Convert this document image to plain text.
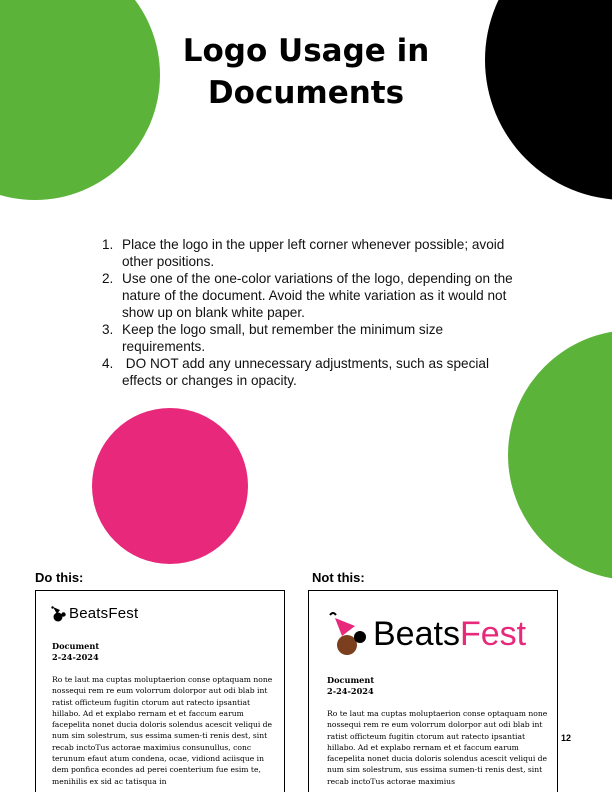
Logo Usage in
Documents
1. Place the logo in the upper left corner whenever possible; avoid other positions.
2. Use one of the one-color variations of the logo, depending on the nature of the document. Avoid the white variation as it would not show up on blank white paper.
3. Keep the logo small, but remember the minimum size requirements.
4. DO NOT add any unnecessary adjustments, such as special effects or changes in opacity.
Do this:	Not this:
BeatsFest
Document
2-24-2024
Ro te laut ma cuptas moluptaerion conse optaquam none nossequi rem re eum volorrum dolorpor aut odi blab int ratist officteum fugitin ctorum aut ratecto ipsantiat hillabo. Ad et explabo rernam et et faccum earum facepelita nonet ducia doloris solendus acescit veliqui de num sim solestrum, sus essima sumen-ti renis dest, sint recab inctoTus actorae maximius consunullus, conc terunum efaut atum condena, ocae, vidiond aciisque in dem ponfica econdes ad perei coenterium fue esim te, menihilis ex sid ac tatisqua in
BeatsFest
Document
2-24-2024
Ro te laut ma cuptas moluptaerion conse optaquam none nossequi rem re eum volorrum dolorpor aut odi blab int ratist officteum fugitin ctorum aut ratecto ipsantiat hillabo. Ad et explabo rernam et et faccum earum facepelita nonet ducia doloris solendus acescit veliqui de num sim solestrum, sus essima sumen-ti renis dest, sint recab inctoTus actorae maximius
12
